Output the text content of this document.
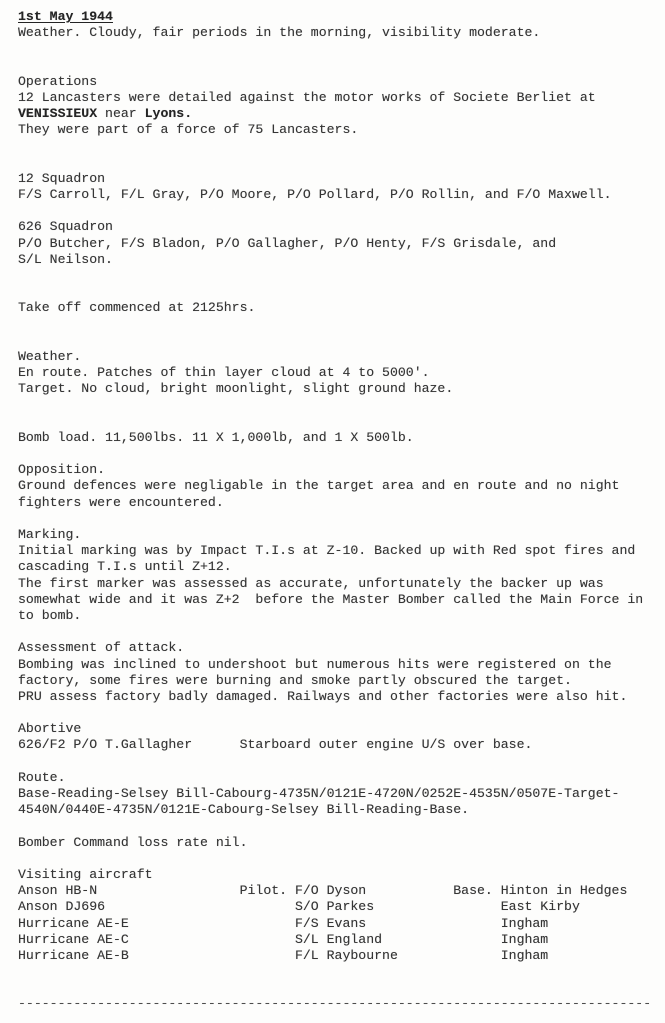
1st May 1944
Weather. Cloudy, fair periods in the morning, visibility moderate.
Operations
12 Lancasters were detailed against the motor works of Societe Berliet at
VENISSIEUX near Lyons.
They were part of a force of 75 Lancasters.
12 Squadron
F/S Carroll, F/L Gray, P/O Moore, P/O Pollard, P/O Rollin, and F/O Maxwell.
626 Squadron
P/O Butcher, F/S Bladon, P/O Gallagher, P/O Henty, F/S Grisdale, and
S/L Neilson.
Take off commenced at 2125hrs.
Weather.
En route. Patches of thin layer cloud at 4 to 5000'.
Target. No cloud, bright moonlight, slight ground haze.
Bomb load. 11,500lbs. 11 X 1,000lb, and 1 X 500lb.
Opposition.
Ground defences were negligable in the target area and en route and no night
fighters were encountered.
Marking.
Initial marking was by Impact T.I.s at Z-10. Backed up with Red spot fires and
cascading T.I.s until Z+12.
The first marker was assessed as accurate, unfortunately the backer up was
somewhat wide and it was Z+2  before the Master Bomber called the Main Force in
to bomb.
Assessment of attack.
Bombing was inclined to undershoot but numerous hits were registered on the
factory, some fires were burning and smoke partly obscured the target.
PRU assess factory badly damaged. Railways and other factories were also hit.
Abortive
626/F2 P/O T.Gallagher      Starboard outer engine U/S over base.
Route.
Base-Reading-Selsey Bill-Cabourg-4735N/0121E-4720N/0252E-4535N/0507E-Target-
4540N/0440E-4735N/0121E-Cabourg-Selsey Bill-Reading-Base.
Bomber Command loss rate nil.
Visiting aircraft
Anson HB-N                  Pilot. F/O Dyson           Base. Hinton in Hedges
Anson DJ696                        S/O Parkes                East Kirby
Hurricane AE-E                     F/S Evans                 Ingham
Hurricane AE-C                     S/L England               Ingham
Hurricane AE-B                     F/L Raybourne             Ingham
--------------------------------------------------------------------------------
